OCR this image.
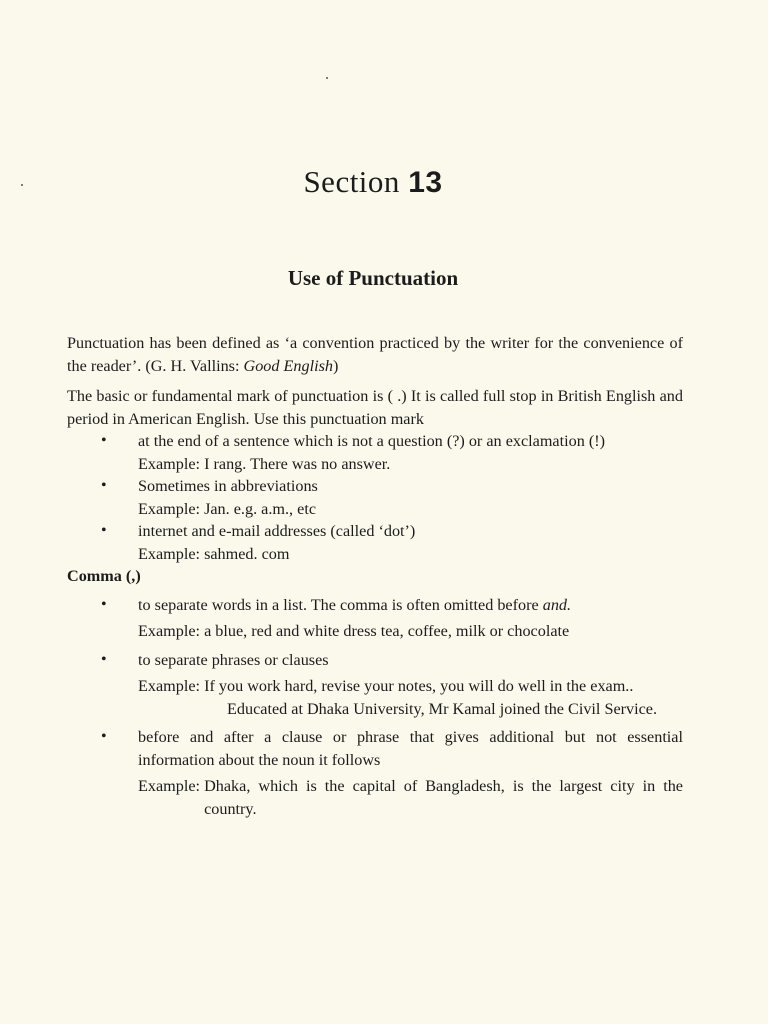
Section 13
Use of Punctuation

Punctuation has been defined as ‘a convention practiced by the writer for the convenience of the reader’. (G. H. Vallins: Good English)

The basic or fundamental mark of punctuation is ( .) It is called full stop in British English and period in American English. Use this punctuation mark

• at the end of a sentence which is not a question (?) or an exclamation (!)

Example: I rang. There was no answer.

• Sometimes in abbreviations

Example: Jan. e.g. a.m., etc

• internet and e-mail addresses (called ‘dot’)

Example: sahmed. com

Comma (,)

• to separate words in a list. The comma is often omitted before and.
Example: a blue, red and white dress tea, coffee, milk or chocolate
• to separate phrases or clauses
Example: If you work hard, revise your notes, you will do well in the exam..

Educated at Dhaka University, Mr Kamal joined the Civil Service.

• before and after a clause or phrase that gives additional but not essential information about the noun it follows
Example: Dhaka, which is the capital of Bangladesh, is the largest city in the country.
